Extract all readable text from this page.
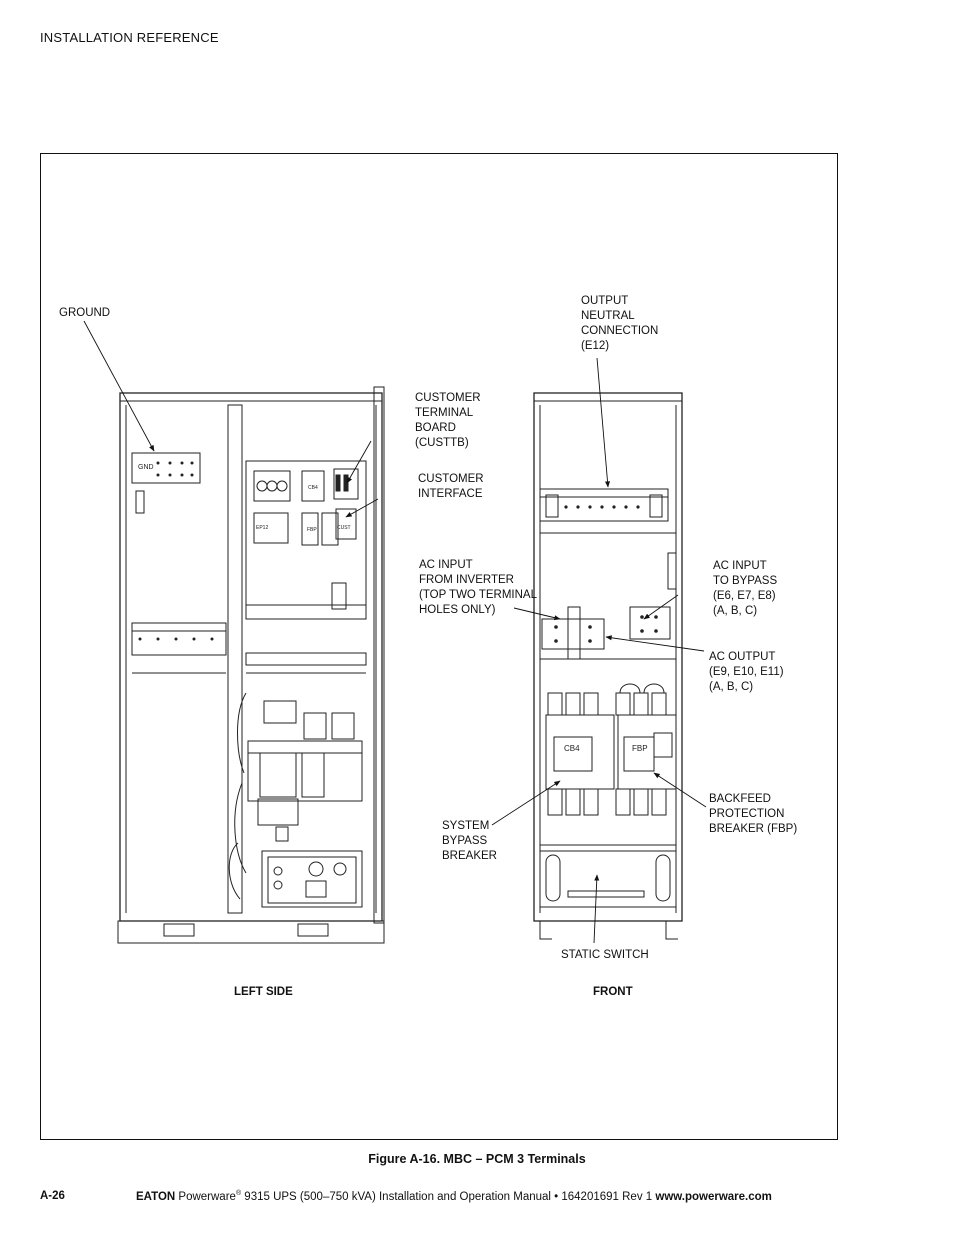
INSTALLATION REFERENCE
GND
EP12
CB4
FBP	CUST
CB4	FBP
GROUND
OUTPUT
NEUTRAL
CONNECTION
(E12)
CUSTOMER
TERMINAL
BOARD
(CUSTTB)
CUSTOMER
INTERFACE
AC INPUT
FROM INVERTER
(TOP TWO TERMINAL
HOLES ONLY)
AC INPUT
TO BYPASS
(E6, E7, E8)
(A, B, C)
AC OUTPUT
(E9, E10, E11)
(A, B, C)
BACKFEED
PROTECTION
BREAKER (FBP)
SYSTEM
BYPASS
BREAKER
STATIC SWITCH
LEFT SIDE	FRONT
Figure A-16. MBC – PCM 3 Terminals
A-26	EATON Powerware® 9315 UPS (500–750 kVA) Installation and Operation Manual • 164201691 Rev 1 www.powerware.com
